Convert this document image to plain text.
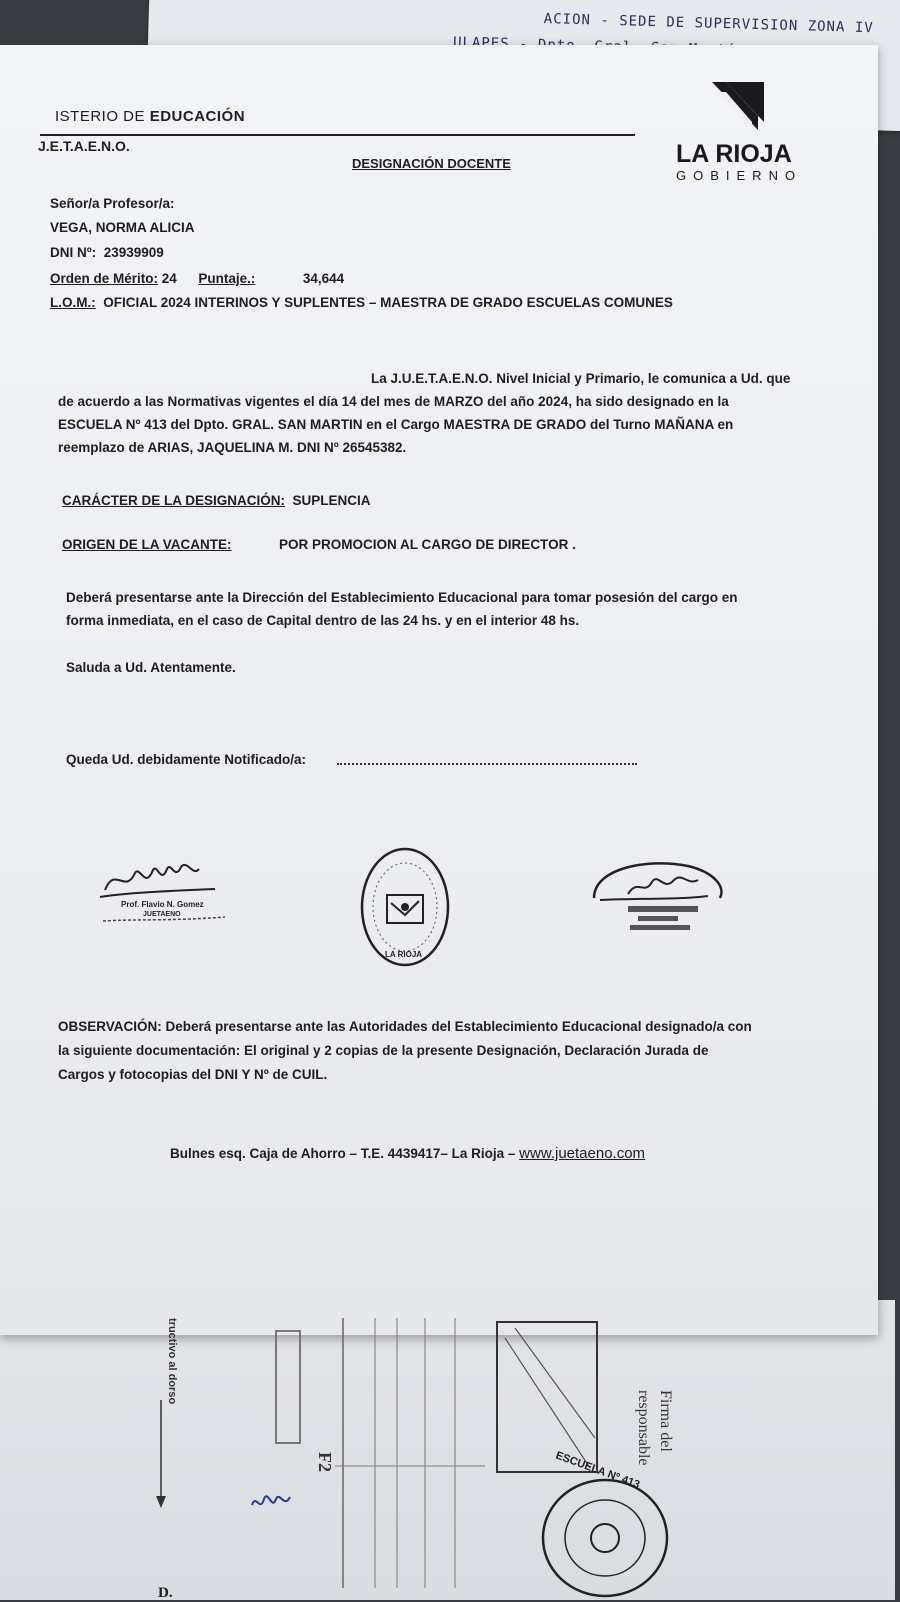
ACION - SEDE DE SUPERVISION ZONA IV
ISTERIO DE EDUCACIÓN
J.E.T.A.E.N.O.
DESIGNACIÓN DOCENTE	LA RIOJA
GOBIERNO
Señor/a Profesor/a:
VEGA, NORMA ALICIA
DNI Nº: 23939909
Orden de Mérito: 24 Puntaje.:	34,644
L.O.M.: OFICIAL 2024 INTERINOS Y SUPLENTES – MAESTRA DE GRADO ESCUELAS COMUNES

La J.U.E.T.A.E.N.O. Nivel Inicial y Primario, le comunica a Ud. que

de acuerdo a las Normativas vigentes el día 14 del mes de MARZO del año 2024, ha sido designado en la

ESCUELA Nº 413 del Dpto. GRAL. SAN MARTIN en el Cargo MAESTRA DE GRADO del Turno MAÑANA en

reemplazo de ARIAS, JAQUELINA M. DNI Nº 26545382.

CARÁCTER DE LA DESIGNACIÓN: SUPLENCIA
ORIGEN DE LA VACANTE:	POR PROMOCION AL CARGO DE DIRECTOR .

Deberá presentarse ante la Dirección del Establecimiento Educacional para tomar posesión del cargo en

forma inmediata, en el caso de Capital dentro de las 24 hs. y en el interior 48 hs.

Saluda a Ud. Atentamente.
Queda Ud. debidamente Notificado/a:
Prof. Flavio N. Gomez
JUETAENO
LA RIOJA

OBSERVACIÓN: Deberá presentarse ante las Autoridades del Establecimiento Educacional designado/a con

la siguiente documentación: El original y 2 copias de la presente Designación, Declaración Jurada de

Cargos y fotocopias del DNI Y Nº de CUIL.

Bulnes esq. Caja de Ahorro – T.E. 4439417– La Rioja – www.juetaeno.com
tructivo al dorso
F2	ESCUELA Nº 413
Firma del responsable
D.
